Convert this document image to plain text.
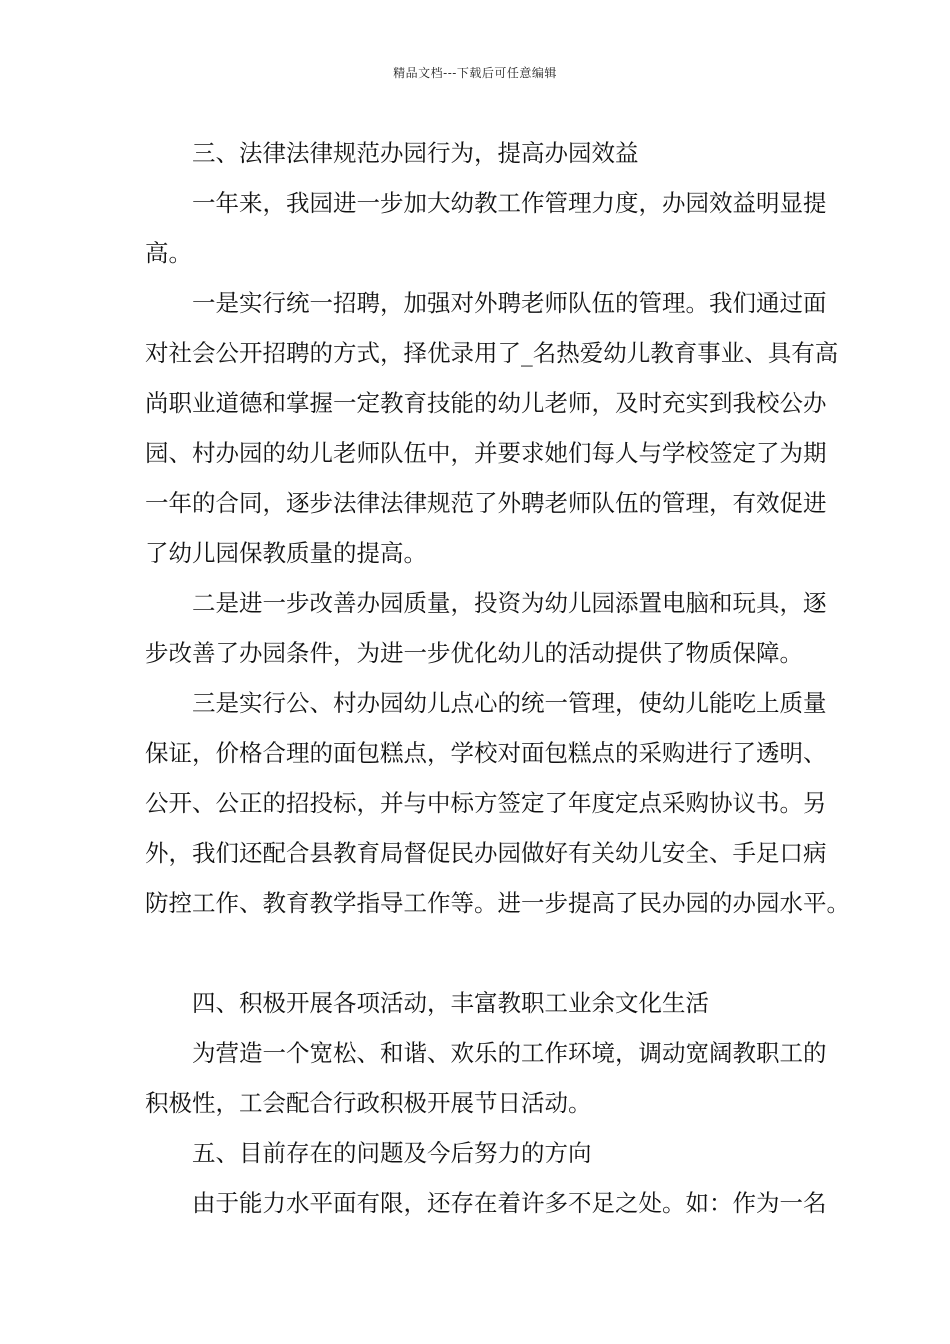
精品文档---下载后可任意编辑
三、法律法律规范办园行为，提高办园效益
一年来，我园进一步加大幼教工作管理力度，办园效益明显提
高。
一是实行统一招聘，加强对外聘老师队伍的管理。我们通过面
对社会公开招聘的方式，择优录用了_名热爱幼儿教育事业、具有高
尚职业道德和掌握一定教育技能的幼儿老师，及时充实到我校公办
园、村办园的幼儿老师队伍中，并要求她们每人与学校签定了为期
一年的合同，逐步法律法律规范了外聘老师队伍的管理，有效促进
了幼儿园保教质量的提高。
二是进一步改善办园质量，投资为幼儿园添置电脑和玩具，逐
步改善了办园条件，为进一步优化幼儿的活动提供了物质保障。
三是实行公、村办园幼儿点心的统一管理，使幼儿能吃上质量
保证，价格合理的面包糕点，学校对面包糕点的采购进行了透明、
公开、公正的招投标，并与中标方签定了年度定点采购协议书。另
外，我们还配合县教育局督促民办园做好有关幼儿安全、手足口病
防控工作、教育教学指导工作等。进一步提高了民办园的办园水平。
四、积极开展各项活动，丰富教职工业余文化生活
为营造一个宽松、和谐、欢乐的工作环境，调动宽阔教职工的
积极性，工会配合行政积极开展节日活动。
五、目前存在的问题及今后努力的方向
由于能力水平面有限，还存在着许多不足之处。如：作为一名
